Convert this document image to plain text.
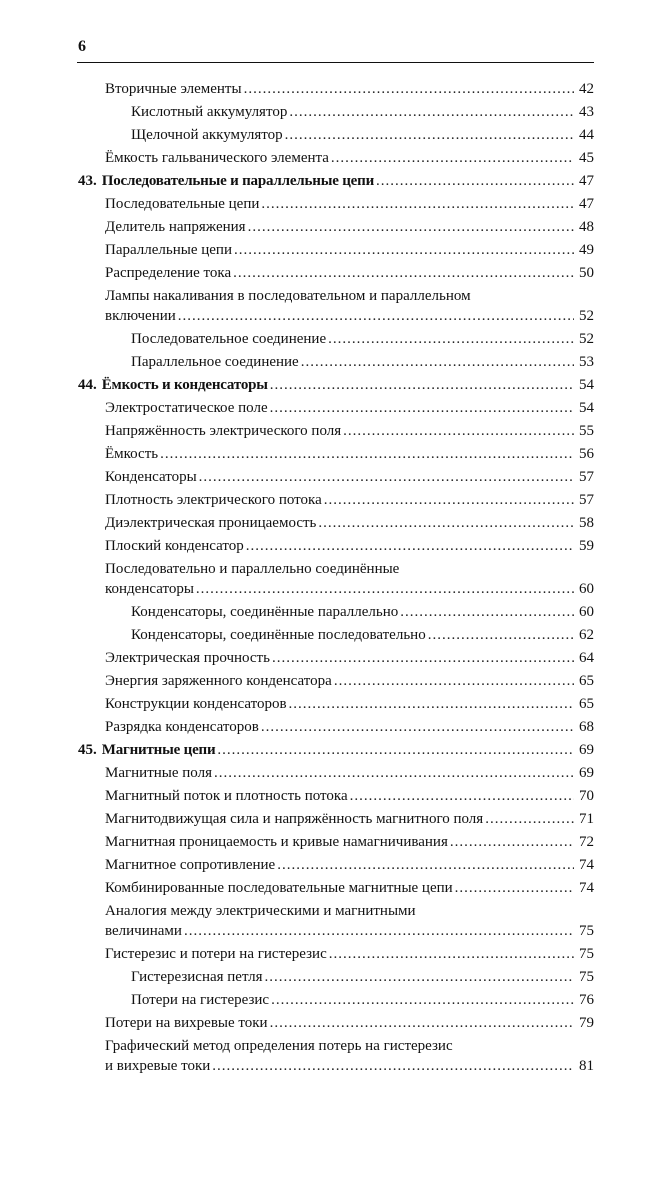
6
Вторичные элементы .....	42
Кислотный аккумулятор .....	43
Щелочной аккумулятор .....	44
Ёмкость гальванического элемента .....	45
43. Последовательные и параллельные цепи .....	47
Последовательные цепи .....	47
Делитель напряжения .....	48
Параллельные цепи .....	49
Распределение тока .....	50
Лампы накаливания в последовательном и параллельном
включении .....	52
Последовательное соединение .....	52
Параллельное соединение .....	53
44. Ёмкость и конденсаторы .....	54
Электростатическое поле .....	54
Напряжённость электрического поля .....	55
Ёмкость .....	56
Конденсаторы .....	57
Плотность электрического потока .....	57
Диэлектрическая проницаемость .....	58
Плоский конденсатор .....	59
Последовательно и параллельно соединённые
конденсаторы .....	60
Конденсаторы, соединённые параллельно .....	60
Конденсаторы, соединённые последовательно .....	62
Электрическая прочность .....	64
Энергия заряженного конденсатора .....	65
Конструкции конденсаторов .....	65
Разрядка конденсаторов .....	68
45. Магнитные цепи .....	69
Магнитные поля .....	69
Магнитный поток и плотность потока .....	70
Магнитодвижущая сила и напряжённость магнитного поля .....	71
Магнитная проницаемость и кривые намагничивания .....	72
Магнитное сопротивление .....	74
Комбинированные последовательные магнитные цепи .....	74
Аналогия между электрическими и магнитными
величинами .....	75
Гистерезис и потери на гистерезис .....	75
Гистерезисная петля .....	75
Потери на гистерезис .....	76
Потери на вихревые токи .....	79
Графический метод определения потерь на гистерезис
и вихревые токи .....	81
